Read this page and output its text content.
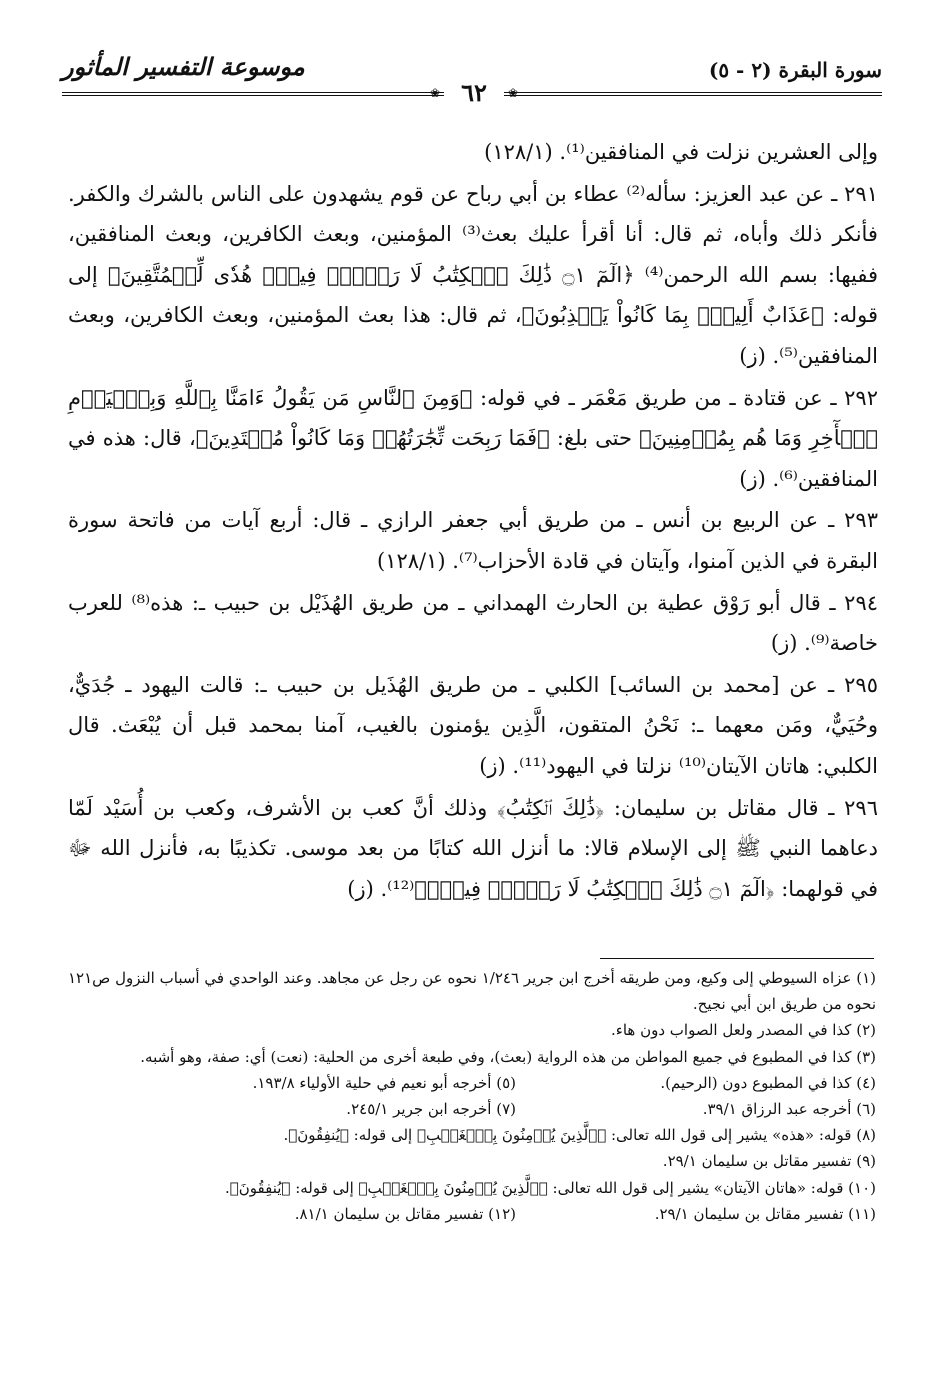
سورة البقرة (٢ - ٥)
موسوعة التفسير المأثور
❀ ٦٢	❀

وإلى العشرين نزلت في المنافقين⁽¹⁾. (١٢٨/١)

٢٩١ ـ عن عبد العزيز: سأله⁽²⁾ عطاء بن أبي رباح عن قوم يشهدون على الناس بالشرك والكفر. فأنكر ذلك وأباه، ثم قال: أنا أقرأ عليك بعث⁽³⁾ المؤمنين، وبعث الكافرين، وبعث المنافقين، ففيها: بسم الله الرحمن⁽⁴⁾ ﴿الٓمٓ ۝١ ذَٰلِكَ ٱلۡكِتَٰبُ لَا رَيۡبَۛ فِيهِۛ هُدٗى لِّلۡمُتَّقِينَ﴾ إلى قوله: ﴿عَذَابٌ أَلِيمُۢ بِمَا كَانُواْ يَكۡذِبُونَ﴾، ثم قال: هذا بعث المؤمنين، وبعث الكافرين، وبعث المنافقين⁽⁵⁾. (ز)

٢٩٢ ـ عن قتادة ـ من طريق مَعْمَر ـ في قوله: ﴿وَمِنَ ٱلنَّاسِ مَن يَقُولُ ءَامَنَّا بِٱللَّهِ وَبِٱلۡيَوۡمِ ٱلۡأٓخِرِ وَمَا هُم بِمُؤۡمِنِينَ﴾ حتى بلغ: ﴿فَمَا رَبِحَت تِّجَٰرَتُهُمۡ وَمَا كَانُواْ مُهۡتَدِينَ﴾، قال: هذه في المنافقين⁽⁶⁾. (ز)

٢٩٣ ـ عن الربيع بن أنس ـ من طريق أبي جعفر الرازي ـ قال: أربع آيات من فاتحة سورة البقرة في الذين آمنوا، وآيتان في قادة الأحزاب⁽⁷⁾. (١٢٨/١)

٢٩٤ ـ قال أبو رَوْق عطية بن الحارث الهمداني ـ من طريق الهُذَيْل بن حبيب ـ: هذه⁽⁸⁾ للعرب خاصة⁽⁹⁾. (ز)

٢٩٥ ـ عن [محمد بن السائب] الكلبي ـ من طريق الهُذَيل بن حبيب ـ: قالت اليهود ـ جُدَيٌّ، وحُيَيٌّ، ومَن معهما ـ: نَحْنُ المتقون، الَّذِين يؤمنون بالغيب، آمنا بمحمد قبل أن يُبْعَث. قال الكلبي: هاتان الآيتان⁽¹⁰⁾ نزلتا في اليهود⁽¹¹⁾. (ز)

٢٩٦ ـ قال مقاتل بن سليمان: ﴿ذَٰلِكَ ٱلۡكِتَٰبُ﴾ وذلك أنَّ كعب بن الأشرف، وكعب بن أُسَيْد لَمّا دعاهما النبي ﷺ إلى الإسلام قالا: ما أنزل الله كتابًا من بعد موسى. تكذيبًا به، فأنزل الله ﷻ في قولهما: ﴿الٓمٓ ۝١ ذَٰلِكَ ٱلۡكِتَٰبُ لَا رَيۡبَۛ فِيهِۛ﴾⁽¹²⁾. (ز)

(١) عزاه السيوطي إلى وكيع، ومن طريقه أخرج ابن جرير ١/٢٤٦ نحوه عن رجل عن مجاهد. وعند الواحدي في أسباب النزول ص١٢١ نحوه من طريق ابن أبي نجيح.

(٢) كذا في المصدر ولعل الصواب دون هاء.

(٣) كذا في المطبوع في جميع المواطن من هذه الرواية (بعث)، وفي طبعة أخرى من الحلية: (نعت) أي: صفة، وهو أشبه.

(٤) كذا في المطبوع دون (الرحيم).
(٥) أخرجه أبو نعيم في حلية الأولياء ١٩٣/٨.
(٦) أخرجه عبد الرزاق ٣٩/١.
(٧) أخرجه ابن جرير ٢٤٥/١.

(٨) قوله: «هذه» يشير إلى قول الله تعالى: ﴿ٱلَّذِينَ يُؤۡمِنُونَ بِٱلۡغَيۡبِ﴾ إلى قوله: ﴿يُنفِقُونَ﴾.

(٩) تفسير مقاتل بن سليمان ٢٩/١.

(١٠) قوله: «هاتان الآيتان» يشير إلى قول الله تعالى: ﴿ٱلَّذِينَ يُؤۡمِنُونَ بِٱلۡغَيۡبِ﴾ إلى قوله: ﴿يُنفِقُونَ﴾.

(١١) تفسير مقاتل بن سليمان ٢٩/١.
(١٢) تفسير مقاتل بن سليمان ٨١/١.
